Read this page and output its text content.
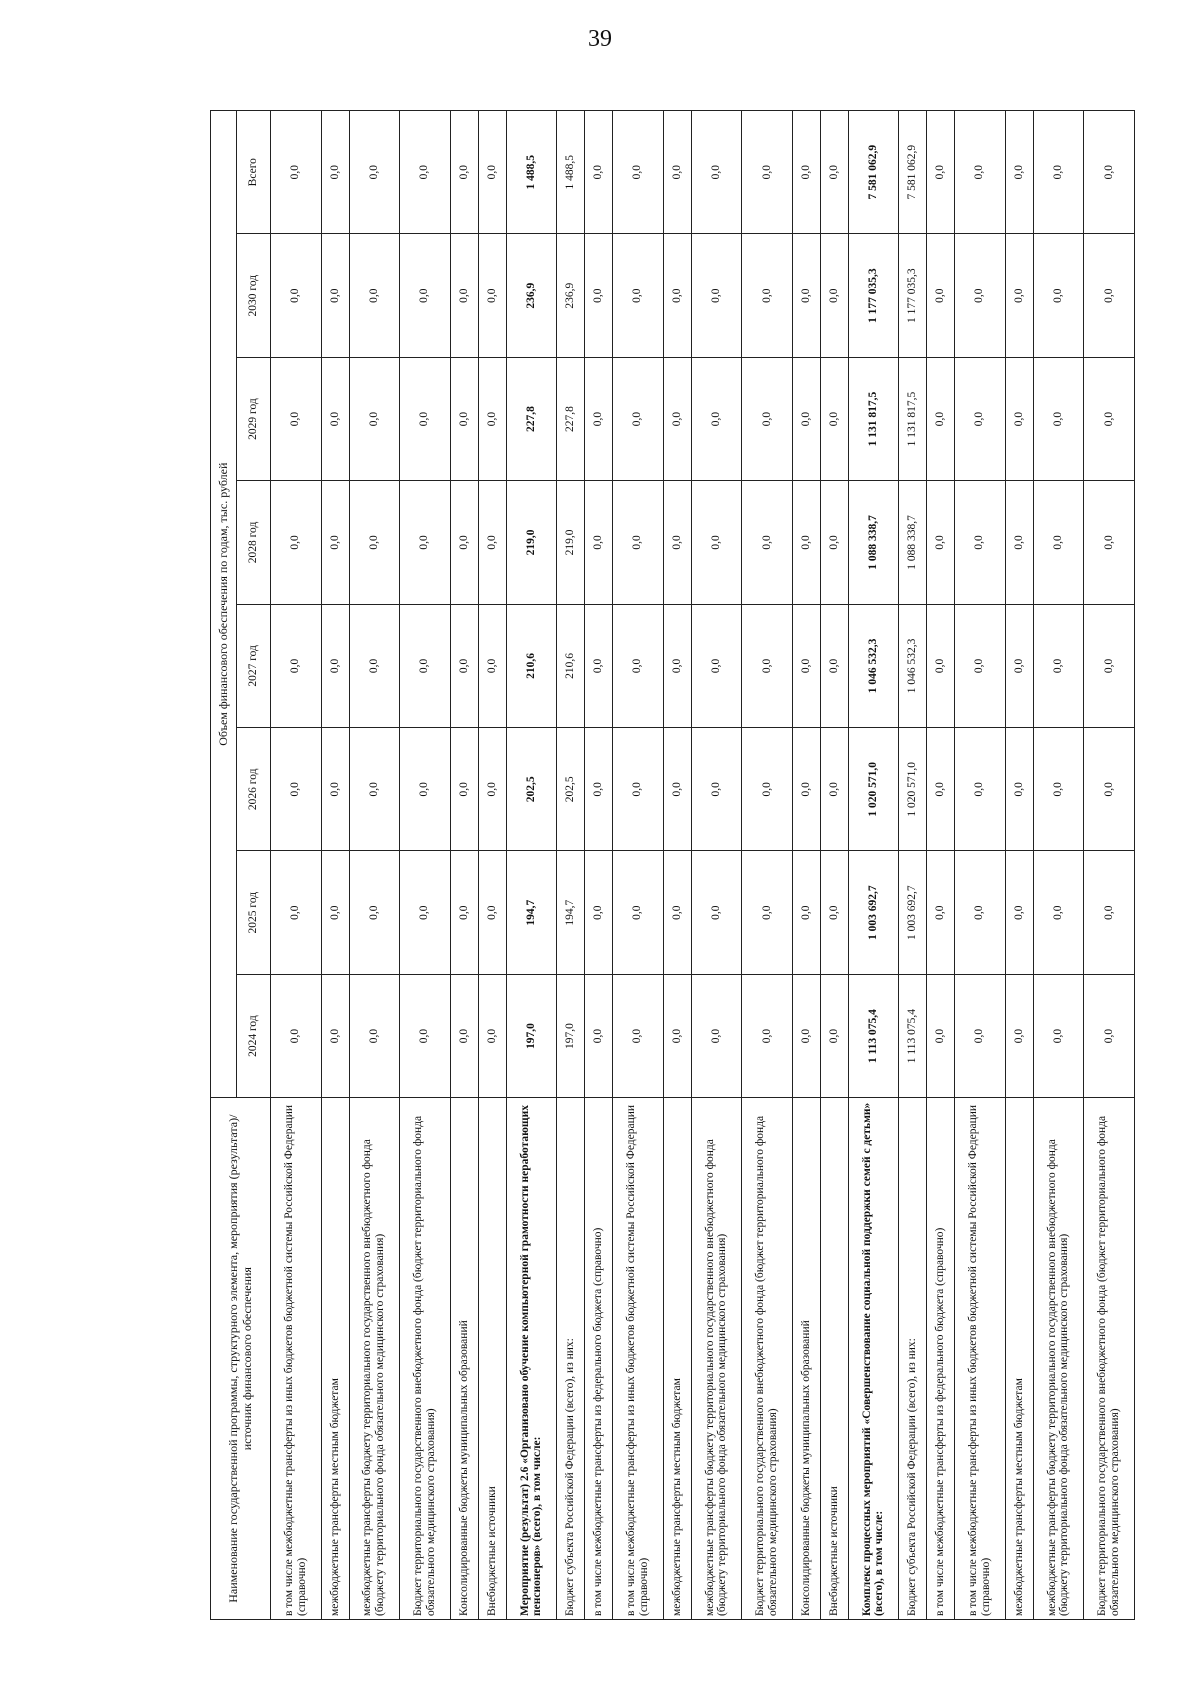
39
Наименование государственной программы, структурного элемента, мероприятия (результата)/источник финансового обеспечения	Объем финансового обеспечения по годам, тыс. рублей							
	2024 год	2025 год	2026 год	2027 год	2028 год	2029 год	2030 год	Всего
в том числе межбюджетные трансферты из иных бюджетов бюджетной системы Российской Федерации (справочно)	0,0	0,0	0,0	0,0	0,0	0,0	0,0	0,0
межбюджетные трансферты местным бюджетам	0,0	0,0	0,0	0,0	0,0	0,0	0,0	0,0
межбюджетные трансферты бюджету территориального государственного внебюджетного фонда (бюджету территориального фонда обязательного медицинского страхования)	0,0	0,0	0,0	0,0	0,0	0,0	0,0	0,0
Бюджет территориального государственного внебюджетного фонда (бюджет территориального фонда обязательного медицинского страхования)	0,0	0,0	0,0	0,0	0,0	0,0	0,0	0,0
Консолидированные бюджеты муниципальных образований	0,0	0,0	0,0	0,0	0,0	0,0	0,0	0,0
Внебюджетные источники	0,0	0,0	0,0	0,0	0,0	0,0	0,0	0,0
Мероприятие (результат) 2.6 «Организовано обучение компьютерной грамотности неработающих пенсионеров» (всего), в том числе:	197,0	194,7	202,5	210,6	219,0	227,8	236,9	1 488,5
Бюджет субъекта Российской Федерации (всего), из них:	197,0	194,7	202,5	210,6	219,0	227,8	236,9	1 488,5
в том числе межбюджетные трансферты из федерального бюджета (справочно)	0,0	0,0	0,0	0,0	0,0	0,0	0,0	0,0
в том числе межбюджетные трансферты из иных бюджетов бюджетной системы Российской Федерации (справочно)	0,0	0,0	0,0	0,0	0,0	0,0	0,0	0,0
межбюджетные трансферты местным бюджетам	0,0	0,0	0,0	0,0	0,0	0,0	0,0	0,0
межбюджетные трансферты бюджету территориального государственного внебюджетного фонда (бюджету территориального фонда обязательного медицинского страхования)	0,0	0,0	0,0	0,0	0,0	0,0	0,0	0,0
Бюджет территориального государственного внебюджетного фонда (бюджет территориального фонда обязательного медицинского страхования)	0,0	0,0	0,0	0,0	0,0	0,0	0,0	0,0
Консолидированные бюджеты муниципальных образований	0,0	0,0	0,0	0,0	0,0	0,0	0,0	0,0
Внебюджетные источники	0,0	0,0	0,0	0,0	0,0	0,0	0,0	0,0
Комплекс процессных мероприятий «Совершенствование социальной поддержки семей с детьми» (всего), в том числе:	1 113 075,4	1 003 692,7	1 020 571,0	1 046 532,3	1 088 338,7	1 131 817,5	1 177 035,3	7 581 062,9
Бюджет субъекта Российской Федерации (всего), из них:	1 113 075,4	1 003 692,7	1 020 571,0	1 046 532,3	1 088 338,7	1 131 817,5	1 177 035,3	7 581 062,9
в том числе межбюджетные трансферты из федерального бюджета (справочно)	0,0	0,0	0,0	0,0	0,0	0,0	0,0	0,0
в том числе межбюджетные трансферты из иных бюджетов бюджетной системы Российской Федерации (справочно)	0,0	0,0	0,0	0,0	0,0	0,0	0,0	0,0
межбюджетные трансферты местным бюджетам	0,0	0,0	0,0	0,0	0,0	0,0	0,0	0,0
межбюджетные трансферты бюджету территориального государственного внебюджетного фонда (бюджету территориального фонда обязательного медицинского страхования)	0,0	0,0	0,0	0,0	0,0	0,0	0,0	0,0
Бюджет территориального государственного внебюджетного фонда (бюджет территориального фонда обязательного медицинского страхования)	0,0	0,0	0,0	0,0	0,0	0,0	0,0	0,0
